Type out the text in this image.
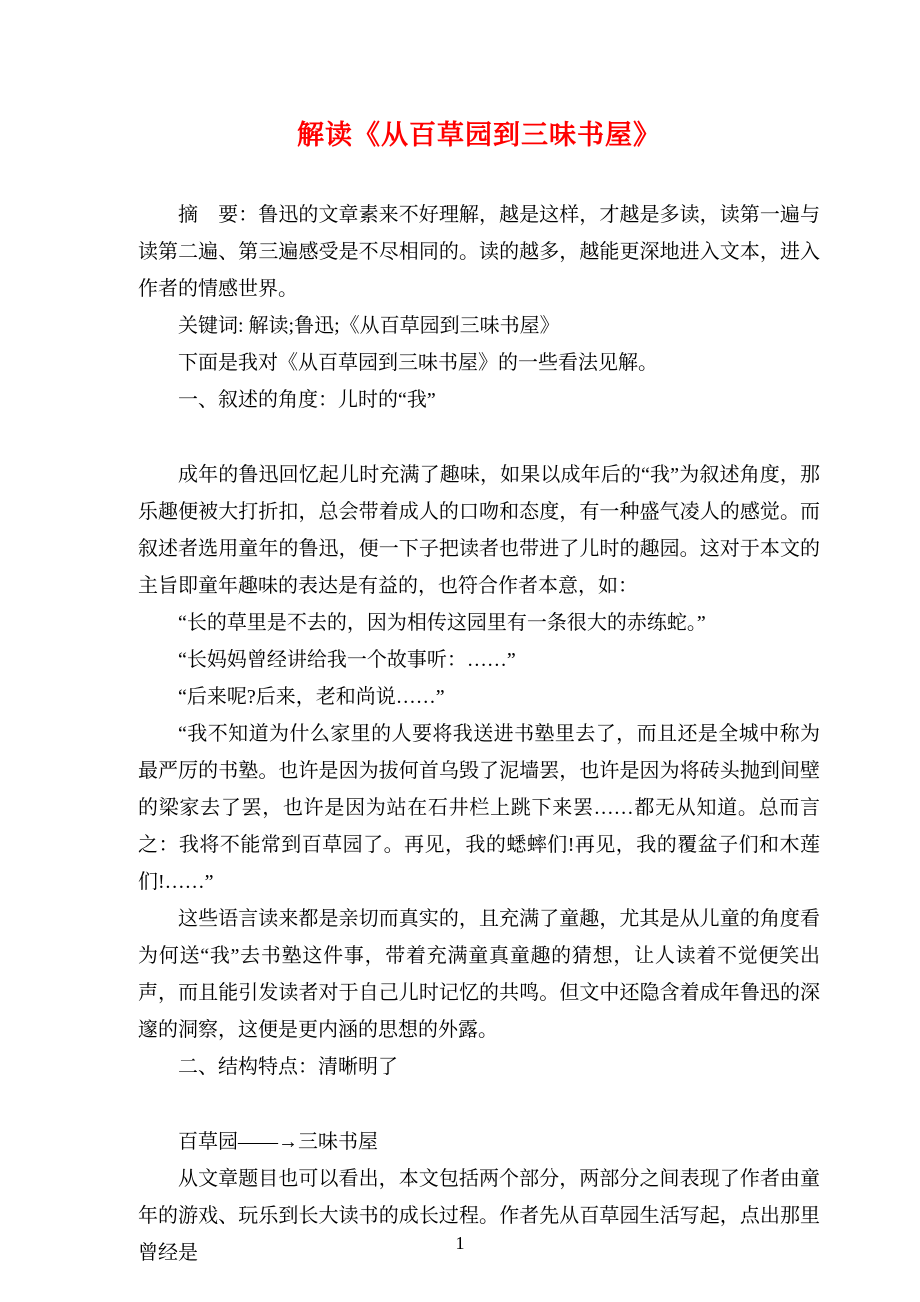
解读《从百草园到三味书屋》

摘　要：鲁迅的文章素来不好理解，越是这样，才越是多读，读第一遍与读第二遍、第三遍感受是不尽相同的。读的越多，越能更深地进入文本，进入作者的情感世界。

关键词: 解读;鲁迅;《从百草园到三味书屋》

下面是我对《从百草园到三味书屋》的一些看法见解。

一、叙述的角度：儿时的“我”

成年的鲁迅回忆起儿时充满了趣味，如果以成年后的“我”为叙述角度，那乐趣便被大打折扣，总会带着成人的口吻和态度，有一种盛气凌人的感觉。而叙述者选用童年的鲁迅，便一下子把读者也带进了儿时的趣园。这对于本文的主旨即童年趣味的表达是有益的，也符合作者本意，如：

“长的草里是不去的，因为相传这园里有一条很大的赤练蛇。”

“长妈妈曾经讲给我一个故事听：……”

“后来呢?后来，老和尚说……”

“我不知道为什么家里的人要将我送进书塾里去了，而且还是全城中称为最严厉的书塾。也许是因为拔何首乌毁了泥墙罢，也许是因为将砖头抛到间壁的梁家去了罢，也许是因为站在石井栏上跳下来罢……都无从知道。总而言之：我将不能常到百草园了。再见，我的蟋蟀们!再见，我的覆盆子们和木莲们!……”

这些语言读来都是亲切而真实的，且充满了童趣，尤其是从儿童的角度看为何送“我”去书塾这件事，带着充满童真童趣的猜想，让人读着不觉便笑出声，而且能引发读者对于自己儿时记忆的共鸣。但文中还隐含着成年鲁迅的深邃的洞察，这便是更内涵的思想的外露。

二、结构特点：清晰明了

百草园——→三味书屋

从文章题目也可以看出，本文包括两个部分，两部分之间表现了作者由童年的游戏、玩乐到长大读书的成长过程。作者先从百草园生活写起，点出那里曾经是	1
